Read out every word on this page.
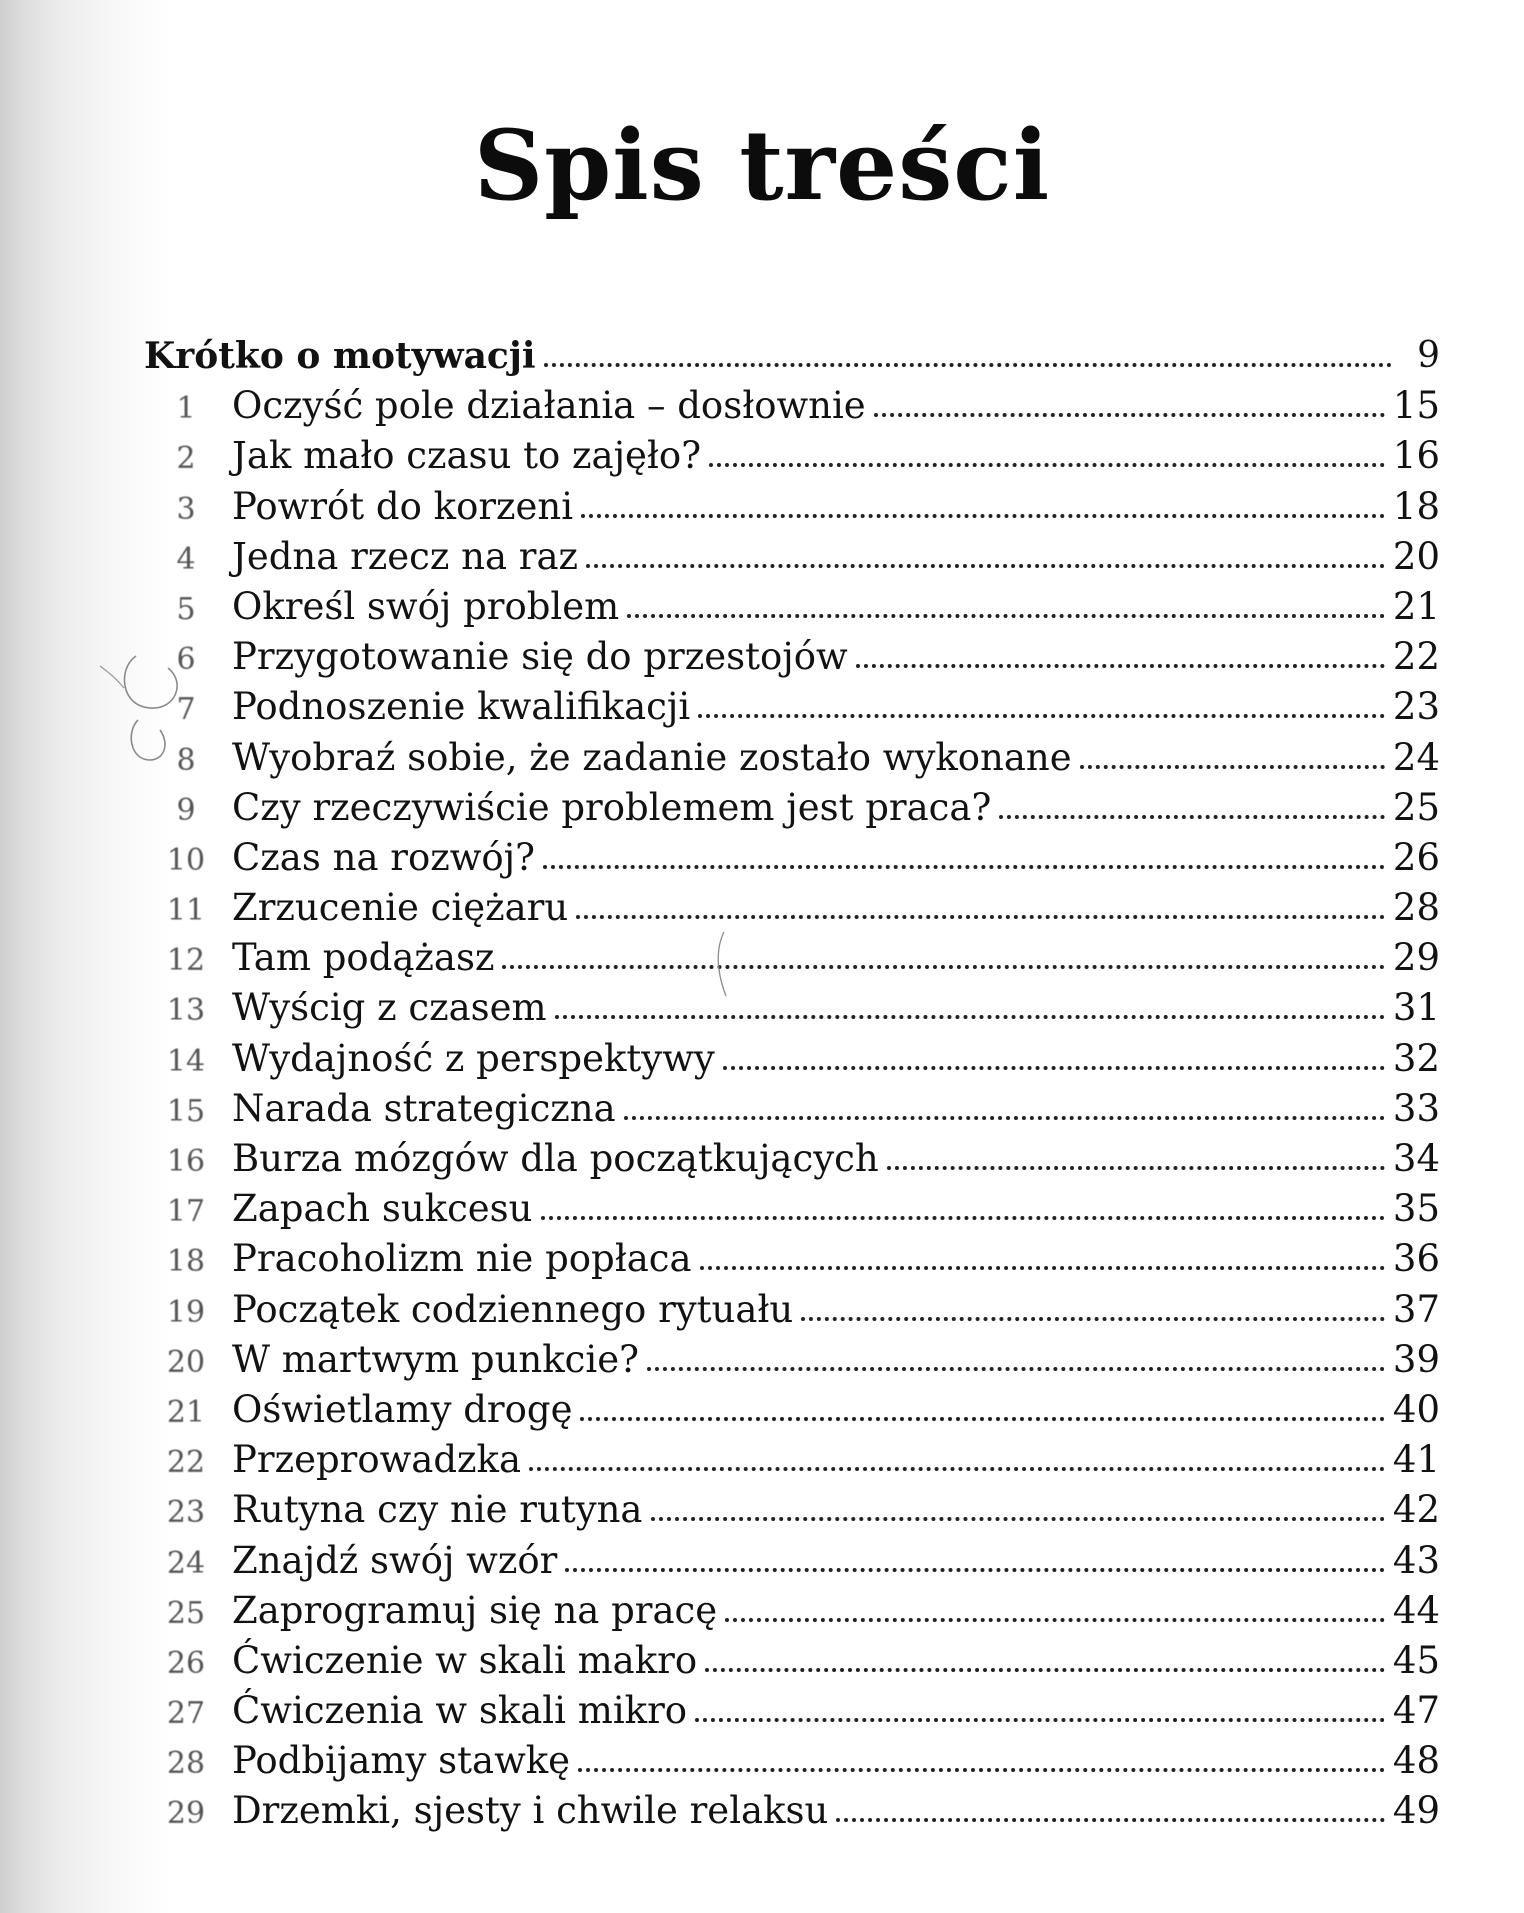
Spis treści
Krótko o motywacji	9
1 Oczyść pole działania – dosłownie	15
2 Jak mało czasu to zajęło?	16
3 Powrót do korzeni	18
4 Jedna rzecz na raz	20
5 Określ swój problem	21
6 Przygotowanie się do przestojów	22
7 Podnoszenie kwalifikacji	23
8 Wyobraź sobie, że zadanie zostało wykonane	24
9 Czy rzeczywiście problemem jest praca?	25
10 Czas na rozwój?	26
11 Zrzucenie ciężaru	28
12 Tam podążasz	29
13 Wyścig z czasem	31
14 Wydajność z perspektywy	32
15 Narada strategiczna	33
16 Burza mózgów dla początkujących	34
17 Zapach sukcesu	35
18 Pracoholizm nie popłaca	36
19 Początek codziennego rytuału	37
20 W martwym punkcie?	39
21 Oświetlamy drogę	40
22 Przeprowadzka	41
23 Rutyna czy nie rutyna	42
24 Znajdź swój wzór	43
25 Zaprogramuj się na pracę	44
26 Ćwiczenie w skali makro	45
27 Ćwiczenia w skali mikro	47
28 Podbijamy stawkę	48
29 Drzemki, sjesty i chwile relaksu	49
